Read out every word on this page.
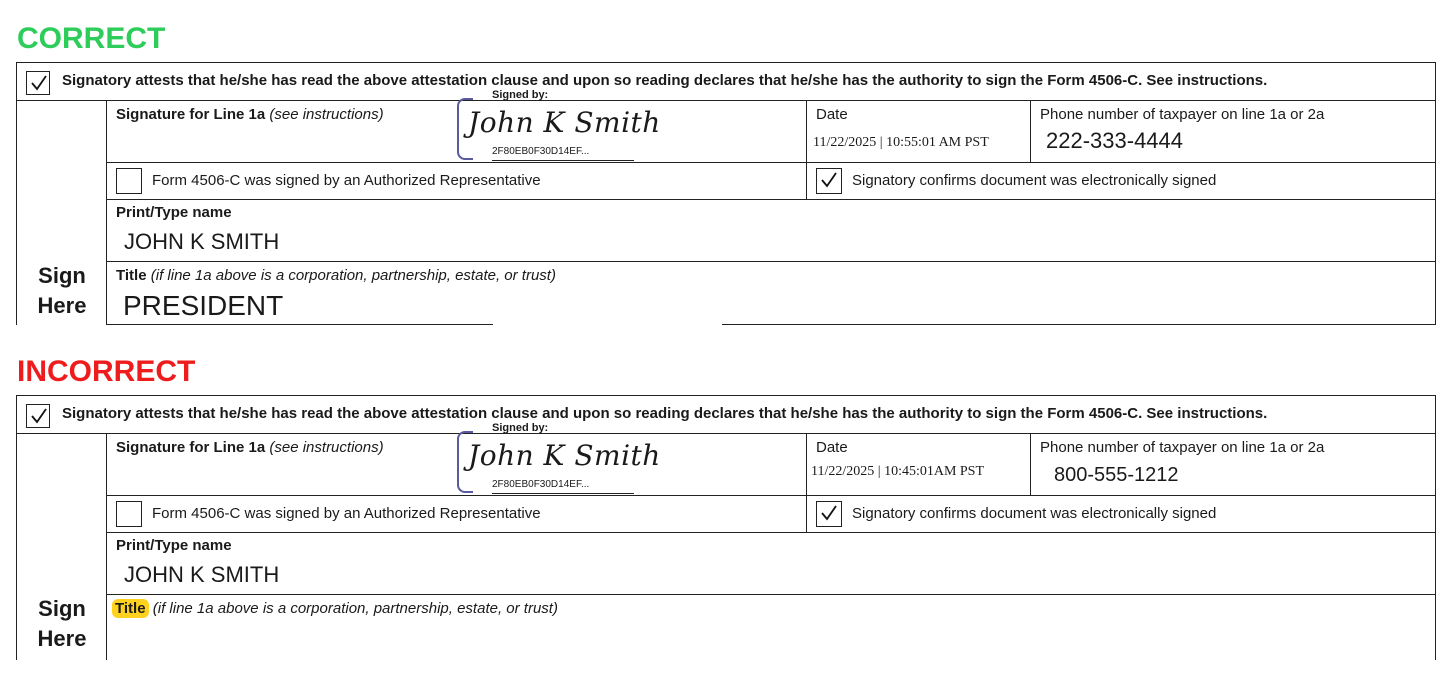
CORRECT
Signatory attests that he/she has read the above attestation clause and upon so reading declares that he/she has the authority to sign the Form 4506-C. See instructions.
Signature for Line 1a (see instructions)
Signed by:
John K Smith
2F80EB0F30D14EF...
Date
11/22/2025 | 10:55:01 AM PST
Phone number of taxpayer on line 1a or 2a
222-333-4444
Form 4506-C was signed by an Authorized Representative	Signatory confirms document was electronically signed
Print/Type name
JOHN K SMITH
Title (if line 1a above is a corporation, partnership, estate, or trust)
PRESIDENT
Sign
Here
INCORRECT
Signatory attests that he/she has read the above attestation clause and upon so reading declares that he/she has the authority to sign the Form 4506-C. See instructions.
Signature for Line 1a (see instructions)
Signed by:
John K Smith
2F80EB0F30D14EF...
Date
11/22/2025 | 10:45:01AM PST
Phone number of taxpayer on line 1a or 2a
800-555-1212
Form 4506-C was signed by an Authorized Representative	Signatory confirms document was electronically signed
Print/Type name
JOHN K SMITH
Title (if line 1a above is a corporation, partnership, estate, or trust)
Sign
Here
